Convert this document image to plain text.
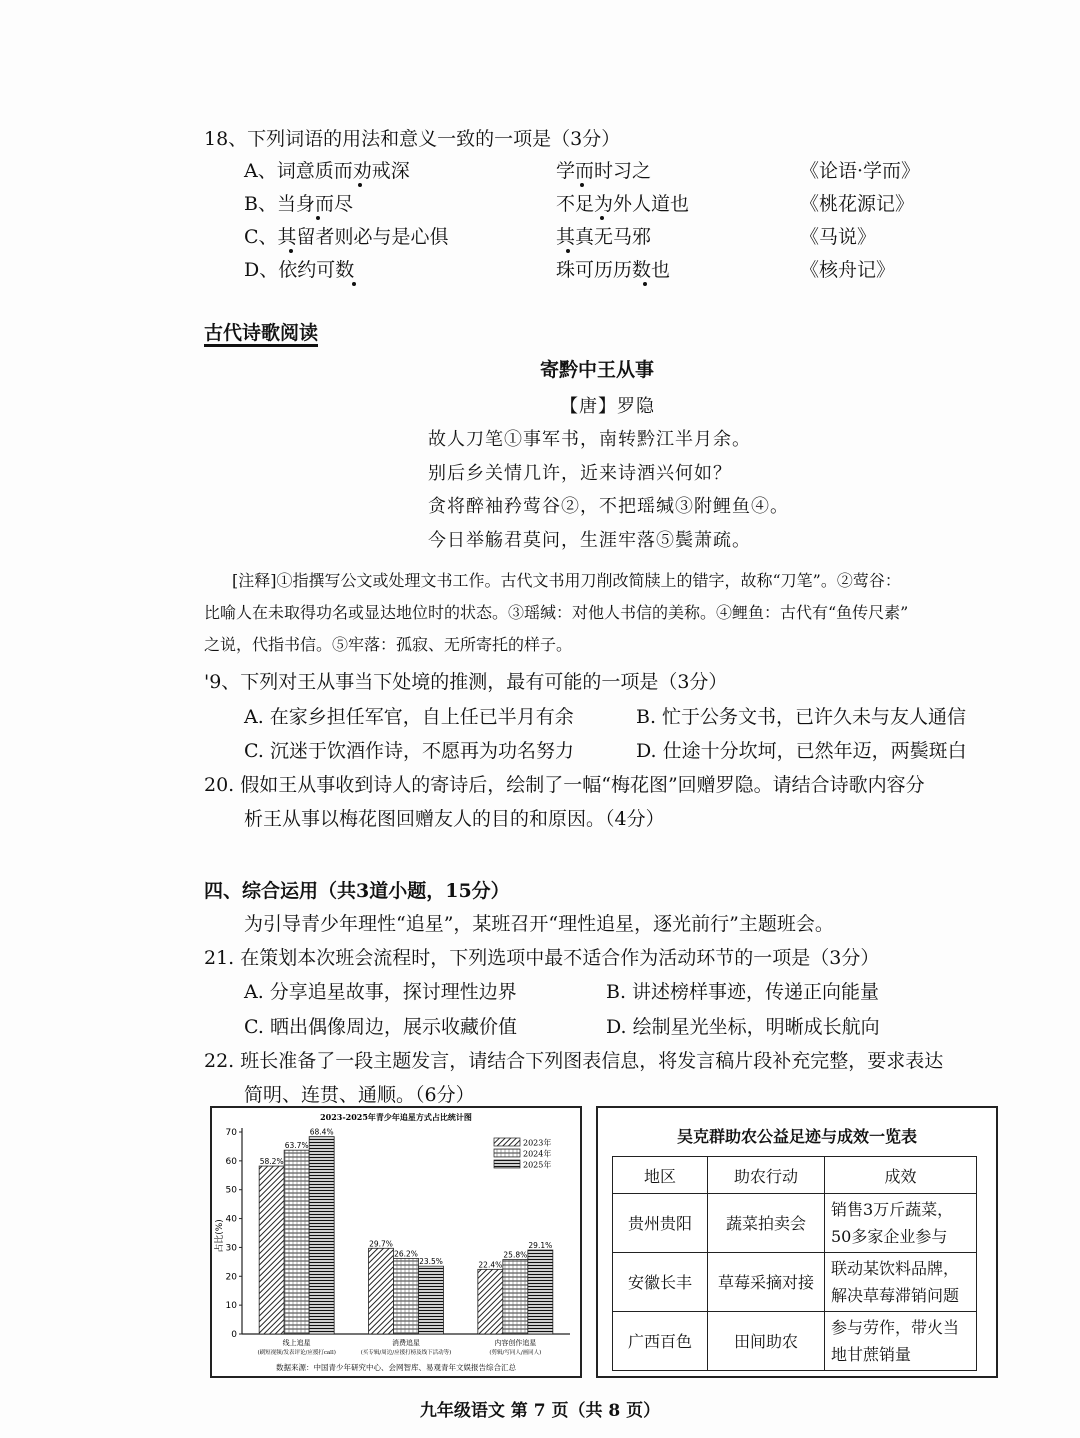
18、下列词语的用法和意义一致的一项是（3分）
A、词意质而劝戒深	学而时习之	《论语·学而》
B、当身而尽	不足为外人道也	《桃花源记》
C、其留者则必与是心俱	其真无马邪	《马说》
D、依约可数	珠可历历数也	《核舟记》
古代诗歌阅读
寄黔中王从事
【唐】罗隐
故人刀笔①事军书，南转黔江半月余。
别后乡关情几许，近来诗酒兴何如？
贪将醉袖矜莺谷②，不把瑶缄③附鲤鱼④。
今日举觞君莫问，生涯牢落⑤鬓萧疏。
[注释]①指撰写公文或处理文书工作。古代文书用刀削改简牍上的错字，故称“刀笔”。②莺谷：
比喻人在未取得功名或显达地位时的状态。③瑶缄：对他人书信的美称。④鲤鱼：古代有“鱼传尺素”
之说，代指书信。⑤牢落：孤寂、无所寄托的样子。
'9、下列对王从事当下处境的推测，最有可能的一项是（3分）
A. 在家乡担任军官，自上任已半月有余	B. 忙于公务文书，已许久未与友人通信
C. 沉迷于饮酒作诗，不愿再为功名努力	D. 仕途十分坎坷，已然年迈，两鬓斑白
20. 假如王从事收到诗人的寄诗后，绘制了一幅“梅花图”回赠罗隐。请结合诗歌内容分
析王从事以梅花图回赠友人的目的和原因。（4分）
四、综合运用（共3道小题，15分）
为引导青少年理性“追星”，某班召开“理性追星，逐光前行”主题班会。
21. 在策划本次班会流程时，下列选项中最不适合作为活动环节的一项是（3分）
A. 分享追星故事，探讨理性边界	B. 讲述榜样事迹，传递正向能量
C. 晒出偶像周边，展示收藏价值	D. 绘制星光坐标，明晰成长航向
22. 班长准备了一段主题发言，请结合下列图表信息，将发言稿片段补充完整，要求表达
简明、连贯、通顺。（6分）
2023-2025年青少年追星方式占比统计图
占比(%)
0
10
20
30
40
50
60
70
58.2%
63.7%
68.4%
线上追星
(刷短视频/发表评论/应援打call)
29.7%
26.2%
23.5%
消费追星
(买专辑/周边/应援打榜及线下活动等)
22.4%
25.8%
29.1%
内容创作追星
(剪辑/写同人/画同人)
2023年
2024年
2025年
数据来源：中国青少年研究中心、会网智库、易观青年文娱报告综合汇总
吴克群助农公益足迹与成效一览表
地区	助农行动	成效
贵州贵阳	蔬菜拍卖会	销售3万斤蔬菜，
50多家企业参与

安徽长丰	草莓采摘对接	联动某饮料品牌，
解决草莓滞销问题

广西百色	田间助农	参与劳作，带火当
地甘蔗销量
九年级语文 第 7 页（共 8 页）
